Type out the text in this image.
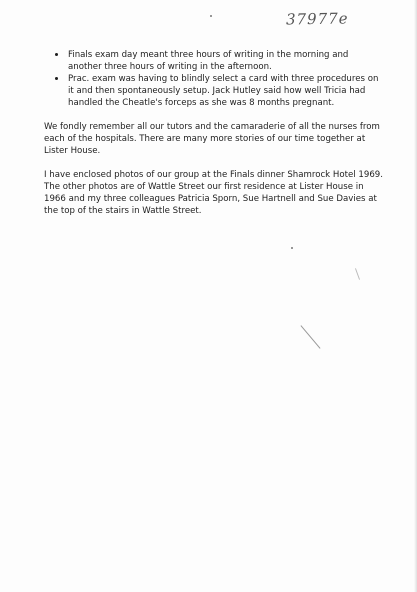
37977e
Finals exam day meant three hours of writing in the morning and another three hours of writing in the afternoon.
Prac. exam was having to blindly select a card with three procedures on it and then spontaneously setup. Jack Hutley said how well Tricia had handled the Cheatle's forceps as she was 8 months pregnant.

We fondly remember all our tutors and the camaraderie of all the nurses from each of the hospitals. There are many more stories of our time together at Lister House.

I have enclosed photos of our group at the Finals dinner Shamrock Hotel 1969. The other photos are of Wattle Street our first residence at Lister House in 1966 and my three colleagues Patricia Sporn, Sue Hartnell and Sue Davies at the top of the stairs in Wattle Street.
